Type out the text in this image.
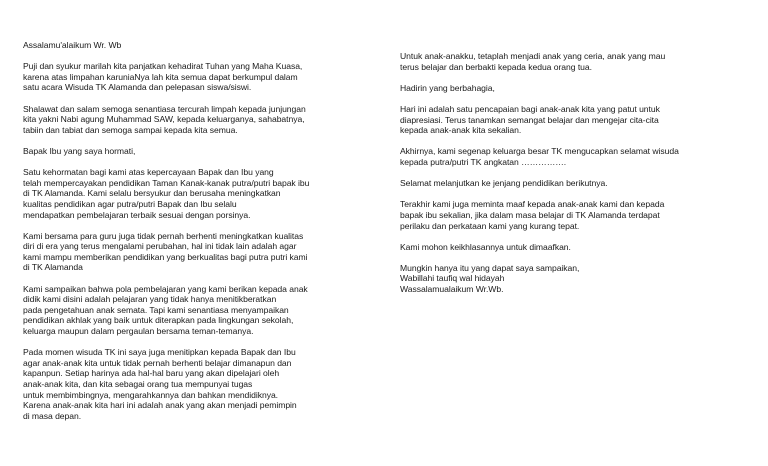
Assalamu'alaikum Wr. Wb

Puji dan syukur marilah kita panjatkan kehadirat Tuhan yang Maha Kuasa,
karena atas limpahan karuniaNya lah kita semua dapat berkumpul dalam
satu acara Wisuda TK Alamanda dan pelepasan siswa/siswi.

Shalawat dan salam semoga senantiasa tercurah limpah kepada junjungan
kita yakni Nabi agung Muhammad SAW, kepada keluarganya, sahabatnya,
tabiin dan tabiat dan semoga sampai kepada kita semua.

Bapak Ibu yang saya hormati,

Satu kehormatan bagi kami atas kepercayaan Bapak dan Ibu yang
telah mempercayakan pendidikan Taman Kanak-kanak putra/putri bapak ibu
di TK Alamanda. Kami selalu bersyukur dan berusaha meningkatkan
kualitas pendidikan agar putra/putri Bapak dan Ibu selalu
mendapatkan pembelajaran terbaik sesuai dengan porsinya.

Kami bersama para guru juga tidak pernah berhenti meningkatkan kualitas
diri di era yang terus mengalami perubahan, hal ini tidak lain adalah agar
kami mampu memberikan pendidikan yang berkualitas bagi putra putri kami
di TK Alamanda

Kami sampaikan bahwa pola pembelajaran yang kami berikan kepada anak
didik kami disini adalah pelajaran yang tidak hanya menitikberatkan
pada pengetahuan anak semata. Tapi kami senantiasa menyampaikan
pendidikan akhlak yang baik untuk diterapkan pada lingkungan sekolah,
keluarga maupun dalam pergaulan bersama teman-temanya.

Pada momen wisuda TK ini saya juga menitipkan kepada Bapak dan Ibu
agar anak-anak kita untuk tidak pernah berhenti belajar dimanapun dan
kapanpun. Setiap harinya ada hal-hal baru yang akan dipelajari oleh
anak-anak kita, dan kita sebagai orang tua mempunyai tugas
untuk membimbingnya, mengarahkannya dan bahkan mendidiknya.
Karena anak-anak kita hari ini adalah anak yang akan menjadi pemimpin
di masa depan.

Untuk anak-anakku, tetaplah menjadi anak yang ceria, anak yang mau
terus belajar dan berbakti kepada kedua orang tua.

Hadirin yang berbahagia,

Hari ini adalah satu pencapaian bagi anak-anak kita yang patut untuk
diapresiasi. Terus tanamkan semangat belajar dan mengejar cita-cita
kepada anak-anak kita sekalian.

Akhirnya, kami segenap keluarga besar TK mengucapkan selamat wisuda
kepada putra/putri TK angkatan …………….

Selamat melanjutkan ke jenjang pendidikan berikutnya.

Terakhir kami juga meminta maaf kepada anak-anak kami dan kepada
bapak ibu sekalian, jika dalam masa belajar di TK Alamanda terdapat
perilaku dan perkataan kami yang kurang tepat.

Kami mohon keikhlasannya untuk dimaafkan.

Mungkin hanya itu yang dapat saya sampaikan,
Wabillahi taufiq wal hidayah
Wassalamualaikum Wr.Wb.
